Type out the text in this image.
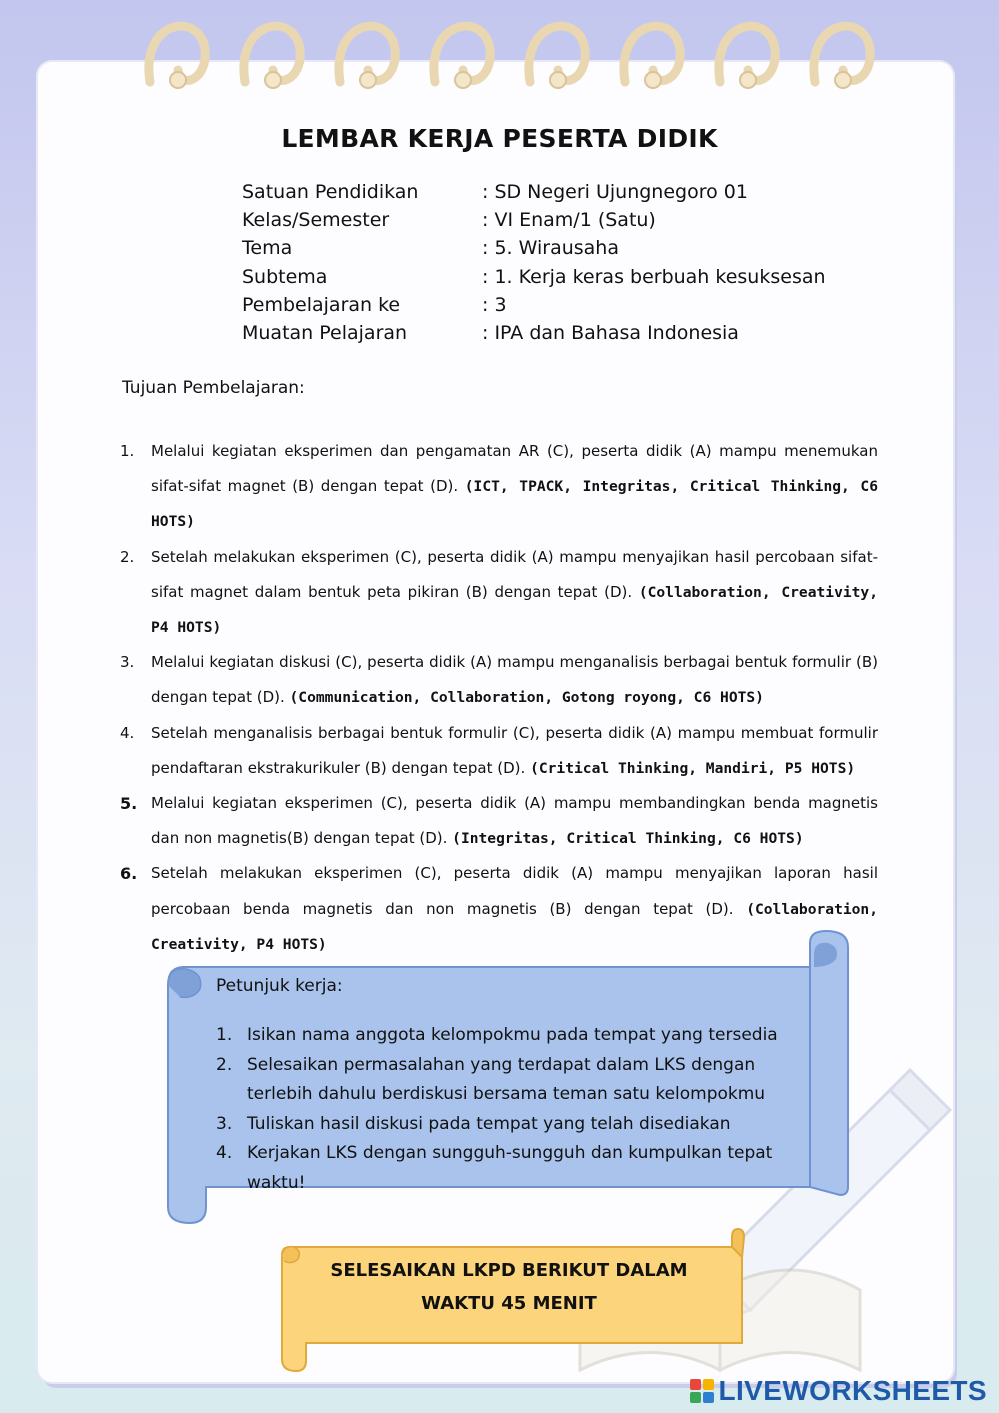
LEMBAR KERJA PESERTA DIDIK
Satuan Pendidikan	: SD Negeri Ujungnegoro 01
Kelas/Semester	: VI Enam/1 (Satu)
Tema	: 5. Wirausaha
Subtema	: 1. Kerja keras berbuah kesuksesan
Pembelajaran ke	: 3
Muatan Pelajaran	: IPA dan Bahasa Indonesia
Tujuan Pembelajaran:
1. Melalui kegiatan eksperimen dan pengamatan AR (C), peserta didik (A) mampu menemukan sifat-sifat magnet (B) dengan tepat (D). (ICT, TPACK, Integritas, Critical Thinking, C6 HOTS)
2. Setelah melakukan eksperimen (C), peserta didik (A) mampu menyajikan hasil percobaan sifat-sifat magnet dalam bentuk peta pikiran (B) dengan tepat (D). (Collaboration, Creativity, P4 HOTS)
3. Melalui kegiatan diskusi (C), peserta didik (A) mampu menganalisis berbagai bentuk formulir (B) dengan tepat (D). (Communication, Collaboration, Gotong royong, C6 HOTS)
4. Setelah menganalisis berbagai bentuk formulir (C), peserta didik (A) mampu membuat formulir pendaftaran ekstrakurikuler (B) dengan tepat (D). (Critical Thinking, Mandiri, P5 HOTS)
5. Melalui kegiatan eksperimen (C), peserta didik (A) mampu membandingkan benda magnetis dan non magnetis(B) dengan tepat (D). (Integritas, Critical Thinking, C6 HOTS)
6. Setelah melakukan eksperimen (C), peserta didik (A) mampu menyajikan laporan hasil percobaan benda magnetis dan non magnetis (B) dengan tepat (D). (Collaboration, Creativity, P4 HOTS)
Petunjuk kerja:
1. Isikan nama anggota kelompokmu pada tempat yang tersedia
2. Selesaikan permasalahan yang terdapat dalam LKS dengan terlebih dahulu berdiskusi bersama teman satu kelompokmu
3. Tuliskan hasil diskusi pada tempat yang telah disediakan
4. Kerjakan LKS dengan sungguh-sungguh dan kumpulkan tepat waktu!
SELESAIKAN LKPD BERIKUT DALAM
WAKTU 45 MENIT
LIVEWORKSHEETS
